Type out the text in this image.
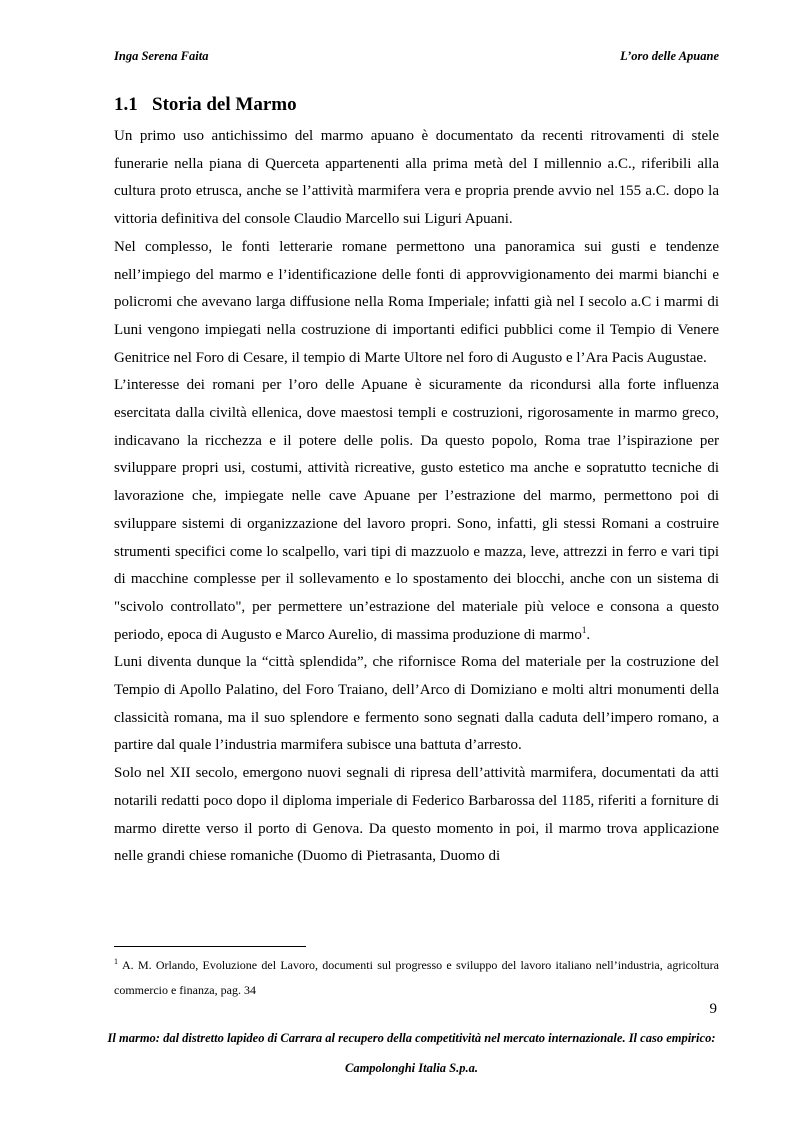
Inga Serena Faita	L’oro delle Apuane
1.1 Storia del Marmo

Un primo uso antichissimo del marmo apuano è documentato da recenti ritrovamenti di stele funerarie nella piana di Querceta appartenenti alla prima metà del I millennio a.C., riferibili alla cultura proto etrusca, anche se l’attività marmifera vera e propria prende avvio nel 155 a.C. dopo la vittoria definitiva del console Claudio Marcello sui Liguri Apuani.

Nel complesso, le fonti letterarie romane permettono una panoramica sui gusti e tendenze nell’impiego del marmo e l’identificazione delle fonti di approvvigionamento dei marmi bianchi e policromi che avevano larga diffusione nella Roma Imperiale; infatti già nel I secolo a.C i marmi di Luni vengono impiegati nella costruzione di importanti edifici pubblici come il Tempio di Venere Genitrice nel Foro di Cesare, il tempio di Marte Ultore nel foro di Augusto e l’Ara Pacis Augustae.

L’interesse dei romani per l’oro delle Apuane è sicuramente da ricondursi alla forte influenza esercitata dalla civiltà ellenica, dove maestosi templi e costruzioni, rigorosamente in marmo greco, indicavano la ricchezza e il potere delle polis. Da questo popolo, Roma trae l’ispirazione per sviluppare propri usi, costumi, attività ricreative, gusto estetico ma anche e sopratutto tecniche di lavorazione che, impiegate nelle cave Apuane per l’estrazione del marmo, permettono poi di sviluppare sistemi di organizzazione del lavoro propri. Sono, infatti, gli stessi Romani a costruire strumenti specifici come lo scalpello, vari tipi di mazzuolo e mazza, leve, attrezzi in ferro e vari tipi di macchine complesse per il sollevamento e lo spostamento dei blocchi, anche con un sistema di "scivolo controllato", per permettere un’estrazione del materiale più veloce e consona a questo periodo, epoca di Augusto e Marco Aurelio, di massima produzione di marmo$^1$.

Luni diventa dunque la “città splendida”, che rifornisce Roma del materiale per la costruzione del Tempio di Apollo Palatino, del Foro Traiano, dell’Arco di Domiziano e molti altri monumenti della classicità romana, ma il suo splendore e fermento sono segnati dalla caduta dell’impero romano, a partire dal quale l’industria marmifera subisce una battuta d’arresto.

Solo nel XII secolo, emergono nuovi segnali di ripresa dell’attività marmifera, documentati da atti notarili redatti poco dopo il diploma imperiale di Federico Barbarossa del 1185, riferiti a forniture di marmo dirette verso il porto di Genova. Da questo momento in poi, il marmo trova applicazione nelle grandi chiese romaniche (Duomo di Pietrasanta, Duomo di

$^1$ A. M. Orlando, Evoluzione del Lavoro, documenti sul progresso e sviluppo del lavoro italiano nell’industria, agricoltura commercio e finanza, pag. 34
9
Il marmo: dal distretto lapideo di Carrara al recupero della competitività nel mercato internazionale. Il caso empirico:
Campolonghi Italia S.p.a.
